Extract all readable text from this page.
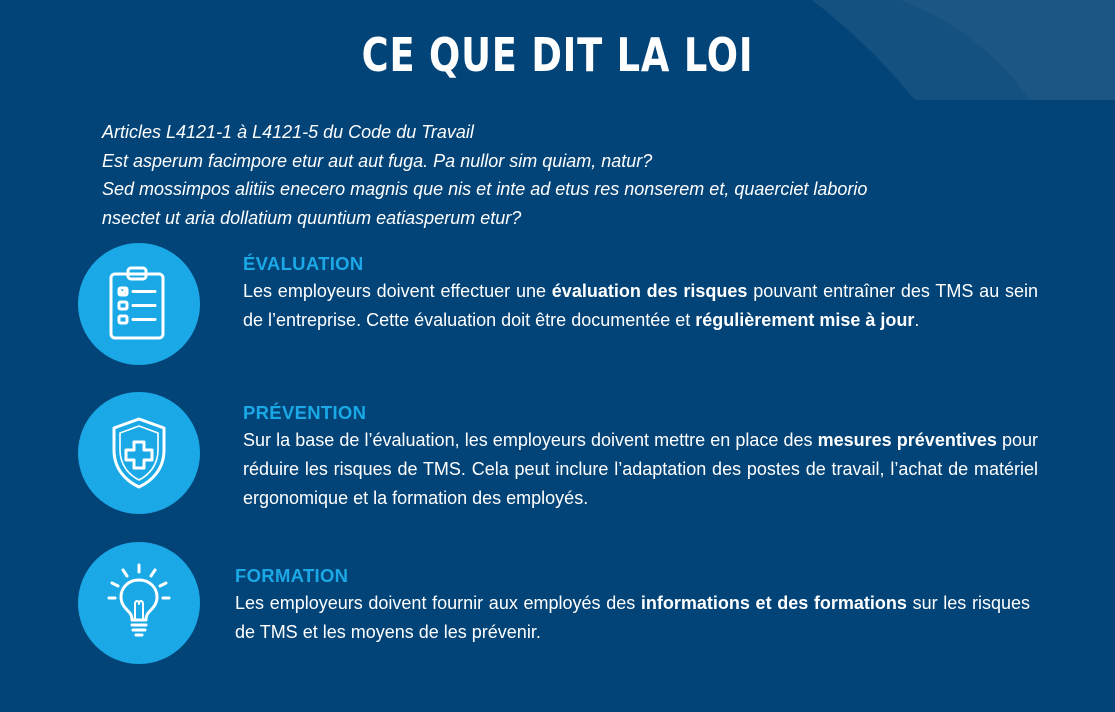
CE QUE DIT LA LOI
Articles L4121-1 à L4121-5 du Code du Travail
Est asperum facimpore etur aut aut fuga. Pa nullor sim quiam, natur?
Sed mossimpos alitiis enecero magnis que nis et inte ad etus res nonserem et, quaerciet laborio
nsectet ut aria dollatium quuntium eatiasperum etur?
ÉVALUATION
Les employeurs doivent effectuer une évaluation des risques pouvant entraîner des TMS au sein de l’entreprise. Cette évaluation doit être documentée et régulièrement mise à jour.
PRÉVENTION
Sur la base de l’évaluation, les employeurs doivent mettre en place des mesures préventives pour réduire les risques de TMS. Cela peut inclure l’adaptation des postes de travail, l’achat de matériel ergonomique et la formation des employés.
FORMATION
Les employeurs doivent fournir aux employés des informations et des formations sur les risques de TMS et les moyens de les prévenir.
